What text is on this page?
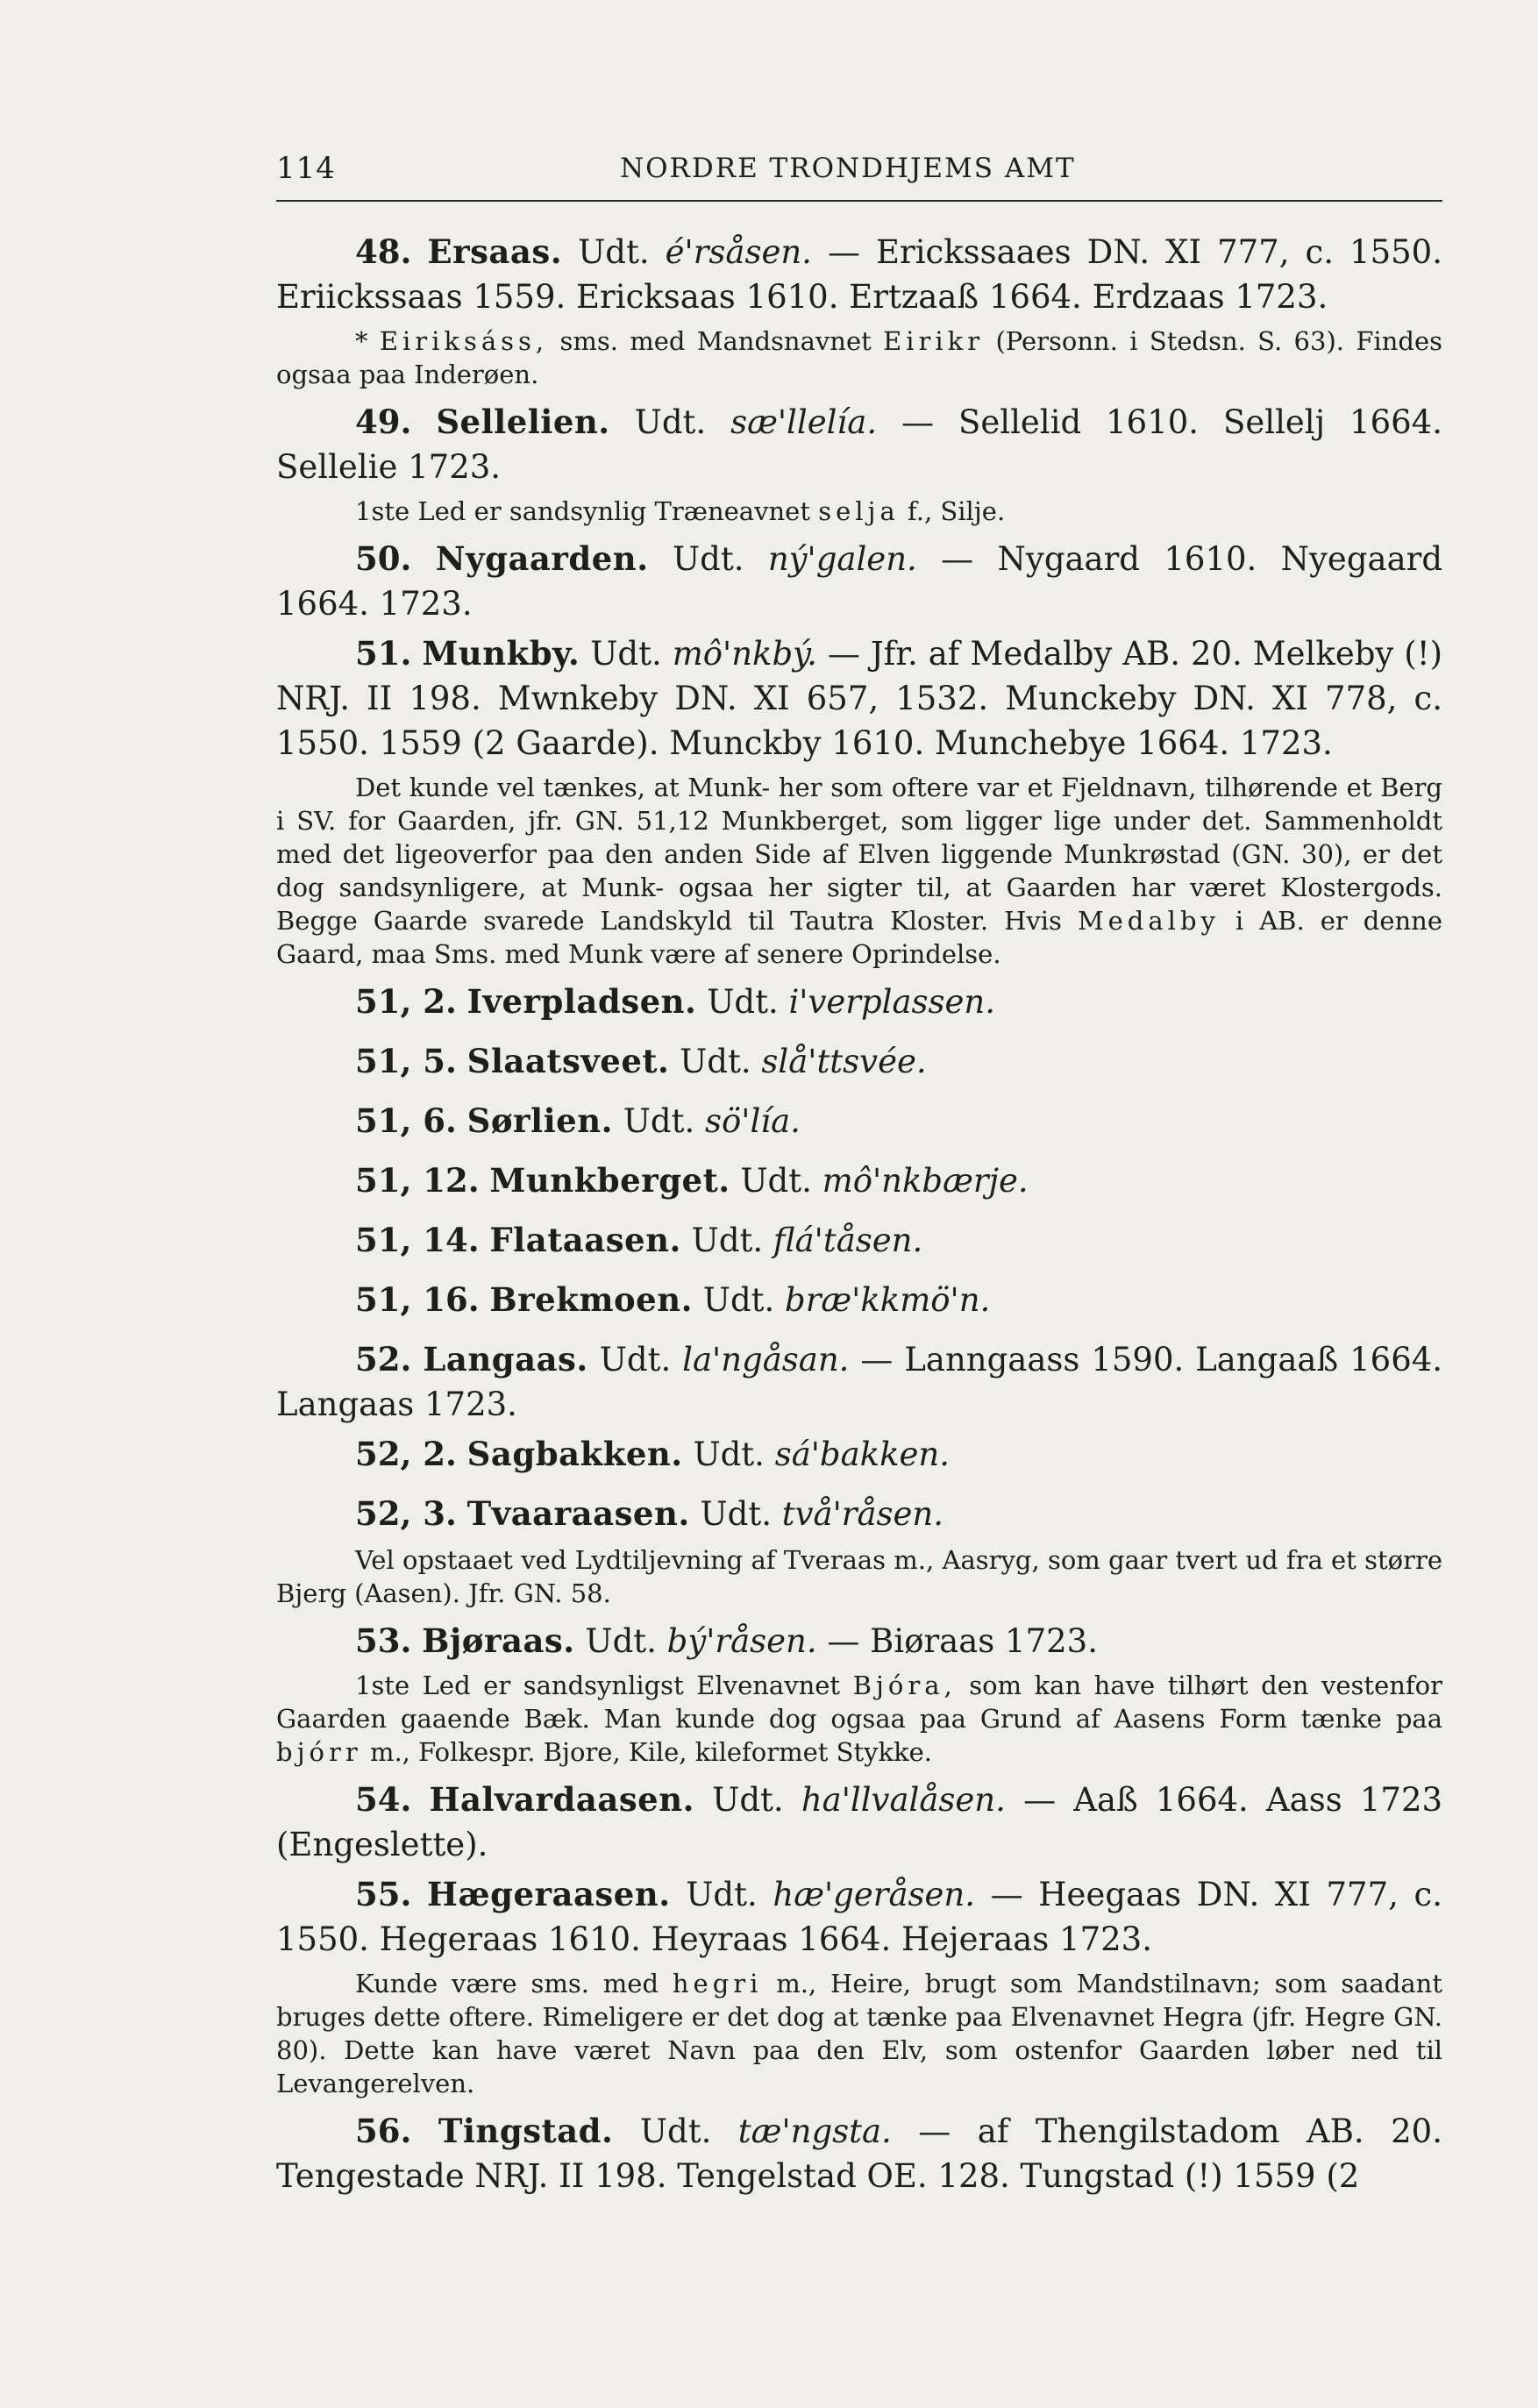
114	NORDRE TRONDHJEMS AMT

48. Ersaas. Udt. é'rsåsen. — Erickssaaes DN. XI 777, c. 1550. Eriickssaas 1559. Ericksaas 1610. Ertzaaß 1664. Erdzaas 1723.

* Eiriksáss, sms. med Mandsnavnet Eirikr (Personn. i Stedsn. S. 63). Findes ogsaa paa Inderøen.

49. Sellelien. Udt. sæ'llelía. — Sellelid 1610. Sellelj 1664. Sellelie 1723.

1ste Led er sandsynlig Træneavnet selja f., Silje.

50. Nygaarden. Udt. ný'galen. — Nygaard 1610. Nyegaard 1664. 1723.

51. Munkby. Udt. mô'nkbý. — Jfr. af Medalby AB. 20. Melkeby (!) NRJ. II 198. Mwnkeby DN. XI 657, 1532. Munckeby DN. XI 778, c. 1550. 1559 (2 Gaarde). Munckby 1610. Munchebye 1664. 1723.

Det kunde vel tænkes, at Munk- her som oftere var et Fjeldnavn, tilhørende et Berg i SV. for Gaarden, jfr. GN. 51,12 Munkberget, som ligger lige under det. Sammenholdt med det ligeoverfor paa den anden Side af Elven liggende Munkrøstad (GN. 30), er det dog sandsynligere, at Munk- ogsaa her sigter til, at Gaarden har været Klostergods. Begge Gaarde svarede Landskyld til Tautra Kloster. Hvis Medalby i AB. er denne Gaard, maa Sms. med Munk være af senere Oprindelse.

51, 2. Iverpladsen. Udt. i'verplassen.

51, 5. Slaatsveet. Udt. slå'ttsvée.

51, 6. Sørlien. Udt. sö'lía.

51, 12. Munkberget. Udt. mô'nkbærje.

51, 14. Flataasen. Udt. flá'tåsen.

51, 16. Brekmoen. Udt. bræ'kkmö'n.

52. Langaas. Udt. la'ngåsan. — Lanngaass 1590. Langaaß 1664. Langaas 1723.

52, 2. Sagbakken. Udt. sá'bakken.

52, 3. Tvaaraasen. Udt. två'råsen.

Vel opstaaet ved Lydtiljevning af Tveraas m., Aasryg, som gaar tvert ud fra et større Bjerg (Aasen). Jfr. GN. 58.

53. Bjøraas. Udt. bý'råsen. — Biøraas 1723.

1ste Led er sandsynligst Elvenavnet Bjóra, som kan have tilhørt den vestenfor Gaarden gaaende Bæk. Man kunde dog ogsaa paa Grund af Aasens Form tænke paa bjórr m., Folkespr. Bjore, Kile, kileformet Stykke.

54. Halvardaasen. Udt. ha'llvalåsen. — Aaß 1664. Aass 1723 (Engeslette).

55. Hægeraasen. Udt. hæ'geråsen. — Heegaas DN. XI 777, c. 1550. Hegeraas 1610. Heyraas 1664. Hejeraas 1723.

Kunde være sms. med hegri m., Heire, brugt som Mandstilnavn; som saadant bruges dette oftere. Rimeligere er det dog at tænke paa Elvenavnet Hegra (jfr. Hegre GN. 80). Dette kan have været Navn paa den Elv, som ostenfor Gaarden løber ned til Levangerelven.

56. Tingstad. Udt. tæ'ngsta. — af Thengilstadom AB. 20. Tengestade NRJ. II 198. Tengelstad OE. 128. Tungstad (!) 1559 (2
